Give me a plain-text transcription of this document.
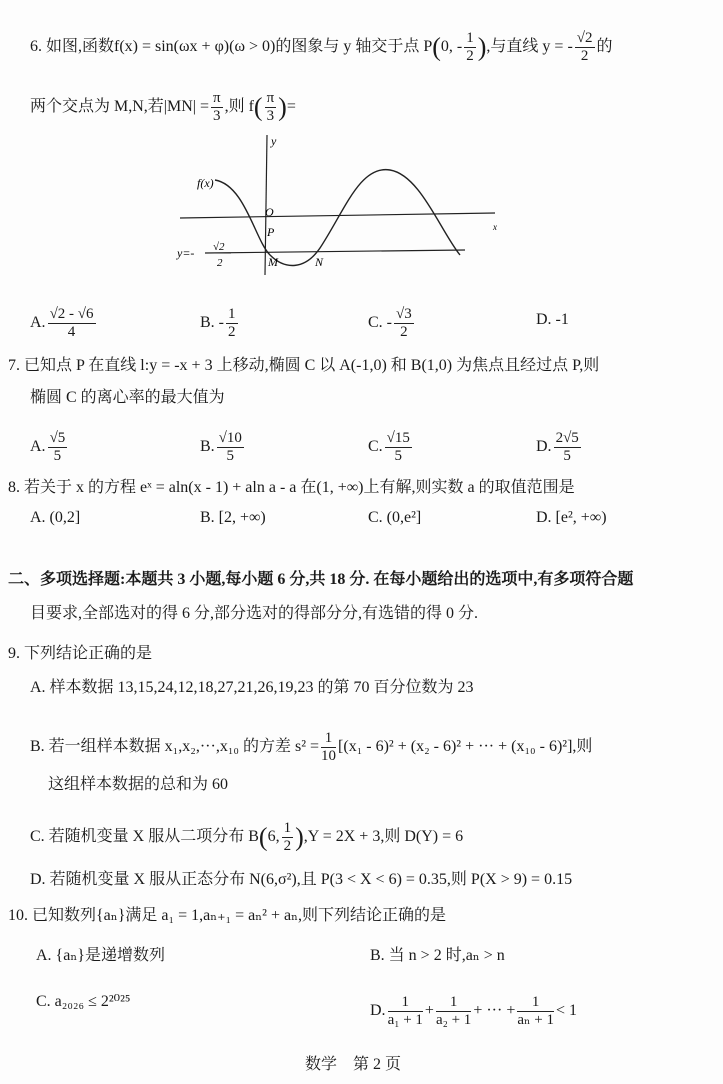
6. 如图,函数f(x) = sin(ωx + φ)(ω > 0)的图象与 y 轴交于点 P(0, - $\frac{1}{2}$ ),与直线 y = - $\frac{√2}{2}$ 的
两个交点为 M,N,若$|MN| = \frac{\pi}{3}$ ,则 $f( \frac{\pi}{3}$ )=
f(x)
y
O
P	x
M	N
y=- √2
2
A. $\frac{√2 - √6}{4}$	B. - $\frac{1}{2}$	C. - $\frac{√3}{2}$	D. -1
7. 已知点 P 在直线 l:y = -x + 3 上移动,椭圆 C 以 A(-1,0) 和 B(1,0) 为焦点且经过点 P,则
椭圆 C 的离心率的最大值为
A. $\frac{√5}{5}$	B. $\frac{√10}{5}$	C. $\frac{√15}{5}$	D. $\frac{2√5}{5}$
8. 若关于 x 的方程 eˣ = aln(x - 1) + aln a - a 在(1, +∞)上有解,则实数 a 的取值范围是
A. (0,2]	B. [2, +∞)	C. (0,e²]	D. [e², +∞)
二、多项选择题:本题共 3 小题,每小题 6 分,共 18 分. 在每小题给出的选项中,有多项符合题
目要求,全部选对的得 6 分,部分选对的得部分分,有选错的得 0 分.
9. 下列结论正确的是
A. 样本数据 13,15,24,12,18,27,21,26,19,23 的第 70 百分位数为 23
B. 若一组样本数据 x₁,x₂,···,x₁₀ 的方差 $s^2 = \frac{1}{10} [(x_1 - 6)^2 + (x_2 - 6)^2$ + ··· + (x₁₀ - 6)²],则
这组样本数据的总和为 60
C. 若随机变量 X 服从二项分布 B(6, $\frac{1}{2} ),Y = 2X + 3$,则 D(Y) = 6
D. 若随机变量 X 服从正态分布 N(6,σ²),且 P(3 < X < 6) = 0.35,则 P(X > 9) = 0.15
10. 已知数列{aₙ}满足 a₁ = 1,aₙ₊₁ = aₙ² + aₙ,则下列结论正确的是
A. {aₙ}是递增数列	B. 当 n > 2 时,aₙ > n
C. a₂₀₂₆ ≤ 2²⁰²⁵
D. $\frac{1}{\text{a₁ + 1}} + \frac{1}{\text{a₂ + 1}}$ + ··· + $\frac{1}{\text{aₙ + 1}} < 1$
数学　第 2 页
